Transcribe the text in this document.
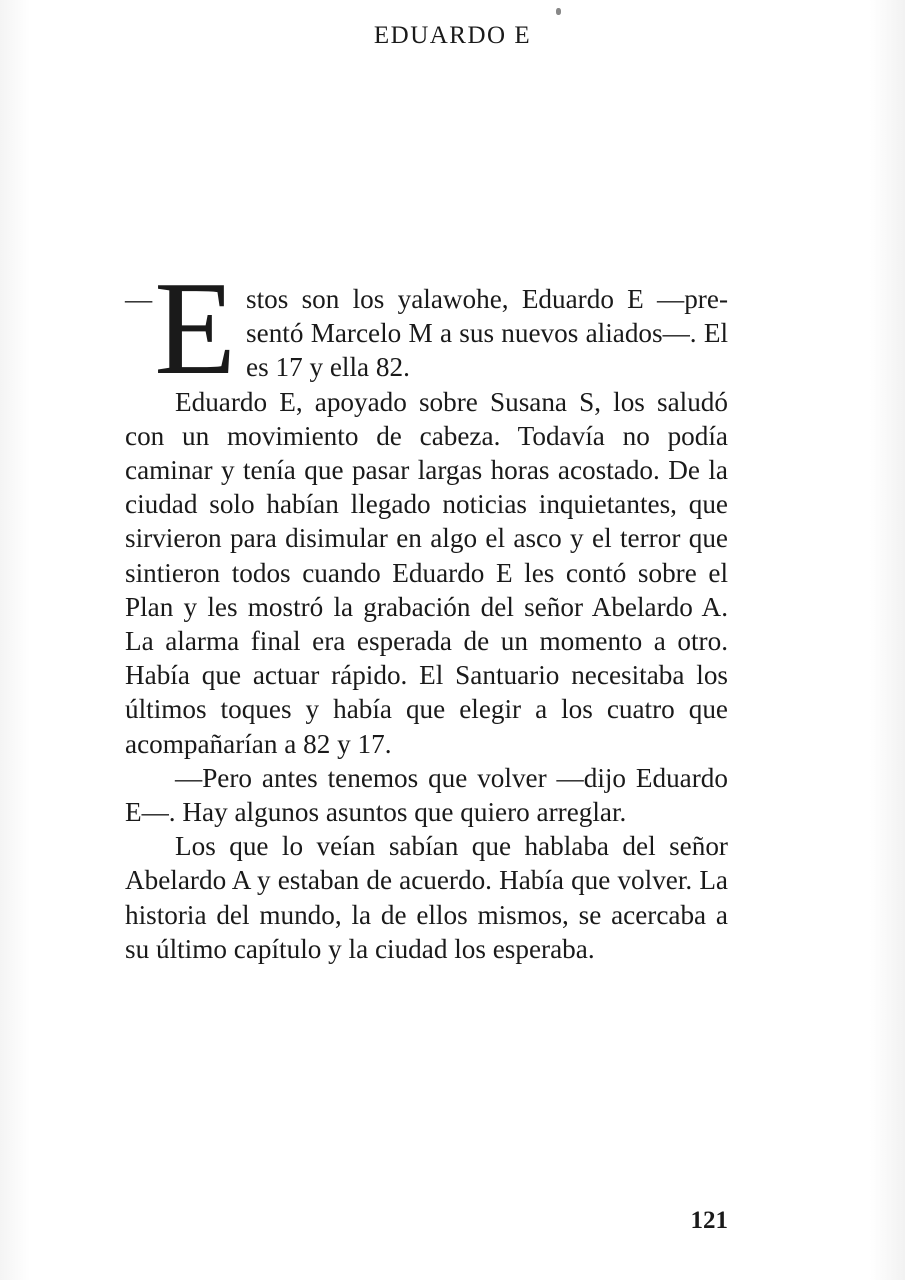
EDUARDO E

— E stos son los yalawohe, Eduardo E —presentó Marcelo M a sus nuevos aliados—. El es 17 y ella 82.

Eduardo E, apoyado sobre Susana S, los saludó con un movimiento de cabeza. Todavía no podía caminar y tenía que pasar largas horas acostado. De la ciudad solo habían llegado noticias inquietantes, que sirvieron para disimular en algo el asco y el terror que sintieron todos cuando Eduardo E les contó sobre el Plan y les mostró la grabación del señor Abelardo A. La alarma final era esperada de un momento a otro. Había que actuar rápido. El Santuario necesitaba los últimos toques y había que elegir a los cuatro que acompañarían a 82 y 17.

—Pero antes tenemos que volver —dijo Eduardo E—. Hay algunos asuntos que quiero arreglar.

Los que lo veían sabían que hablaba del señor Abelardo A y estaban de acuerdo. Había que volver. La historia del mundo, la de ellos mismos, se acercaba a su último capítulo y la ciudad los esperaba.

121
